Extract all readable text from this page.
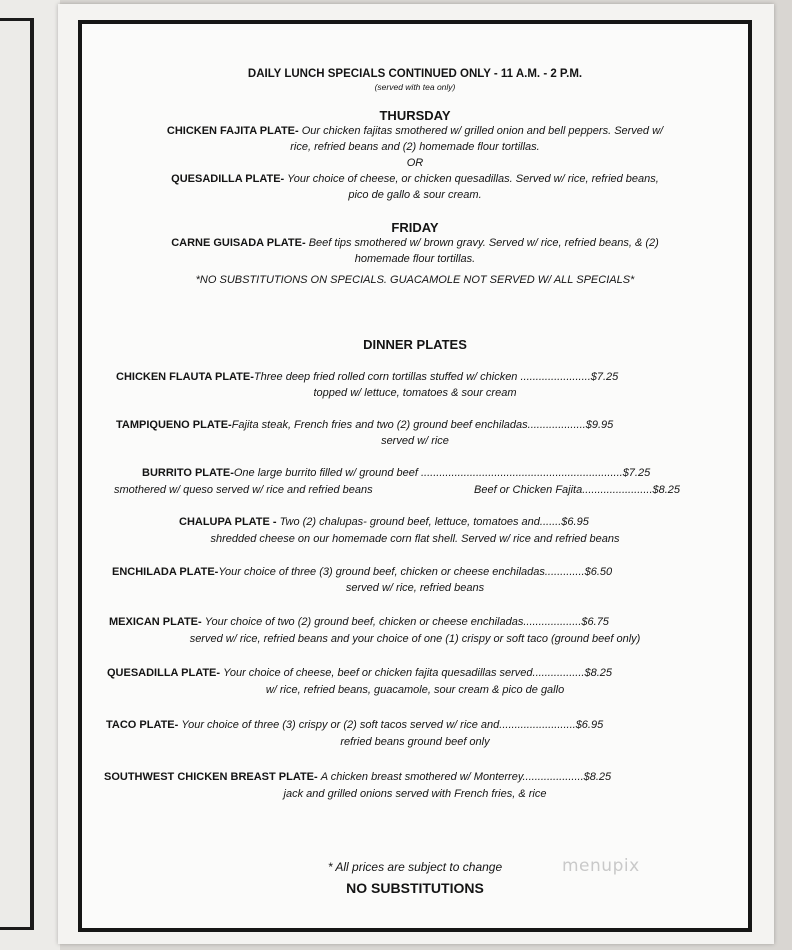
DAILY LUNCH SPECIALS CONTINUED ONLY - 11 A.M. - 2 P.M.
(served with tea only)
THURSDAY
CHICKEN FAJITA PLATE- Our chicken fajitas smothered w/ grilled onion and bell peppers. Served w/
rice, refried beans and (2) homemade flour tortillas.
OR
QUESADILLA PLATE- Your choice of cheese, or chicken quesadillas. Served w/ rice, refried beans,
pico de gallo & sour cream.
FRIDAY
CARNE GUISADA PLATE- Beef tips smothered w/ brown gravy. Served w/ rice, refried beans, & (2)
homemade flour tortillas.
*NO SUBSTITUTIONS ON SPECIALS. GUACAMOLE NOT SERVED W/ ALL SPECIALS*
DINNER PLATES
CHICKEN FLAUTA PLATE-Three deep fried rolled corn tortillas stuffed w/ chicken .......................$7.25
topped w/ lettuce, tomatoes & sour cream
TAMPIQUENO PLATE-Fajita steak, French fries and two (2) ground beef enchiladas...................$9.95
served w/ rice
BURRITO PLATE-One large burrito filled w/ ground beef ..................................................................$7.25
smothered w/ queso served w/ rice and refried beans	Beef or Chicken Fajita.......................$8.25
CHALUPA PLATE - Two (2) chalupas- ground beef, lettuce, tomatoes and.......$6.95
shredded cheese on our homemade corn flat shell. Served w/ rice and refried beans
ENCHILADA PLATE-Your choice of three (3) ground beef, chicken or cheese enchiladas.............$6.50
served w/ rice, refried beans
MEXICAN PLATE- Your choice of two (2) ground beef, chicken or cheese enchiladas...................$6.75
served w/ rice, refried beans and your choice of one (1) crispy or soft taco (ground beef only)
QUESADILLA PLATE- Your choice of cheese, beef or chicken fajita quesadillas served.................$8.25
w/ rice, refried beans, guacamole, sour cream & pico de gallo
TACO PLATE- Your choice of three (3) crispy or (2) soft tacos served w/ rice and.........................$6.95
refried beans ground beef only
SOUTHWEST CHICKEN BREAST PLATE- A chicken breast smothered w/ Monterrey....................$8.25
jack and grilled onions served with French fries, & rice
* All prices are subject to change
NO SUBSTITUTIONS
menupix
